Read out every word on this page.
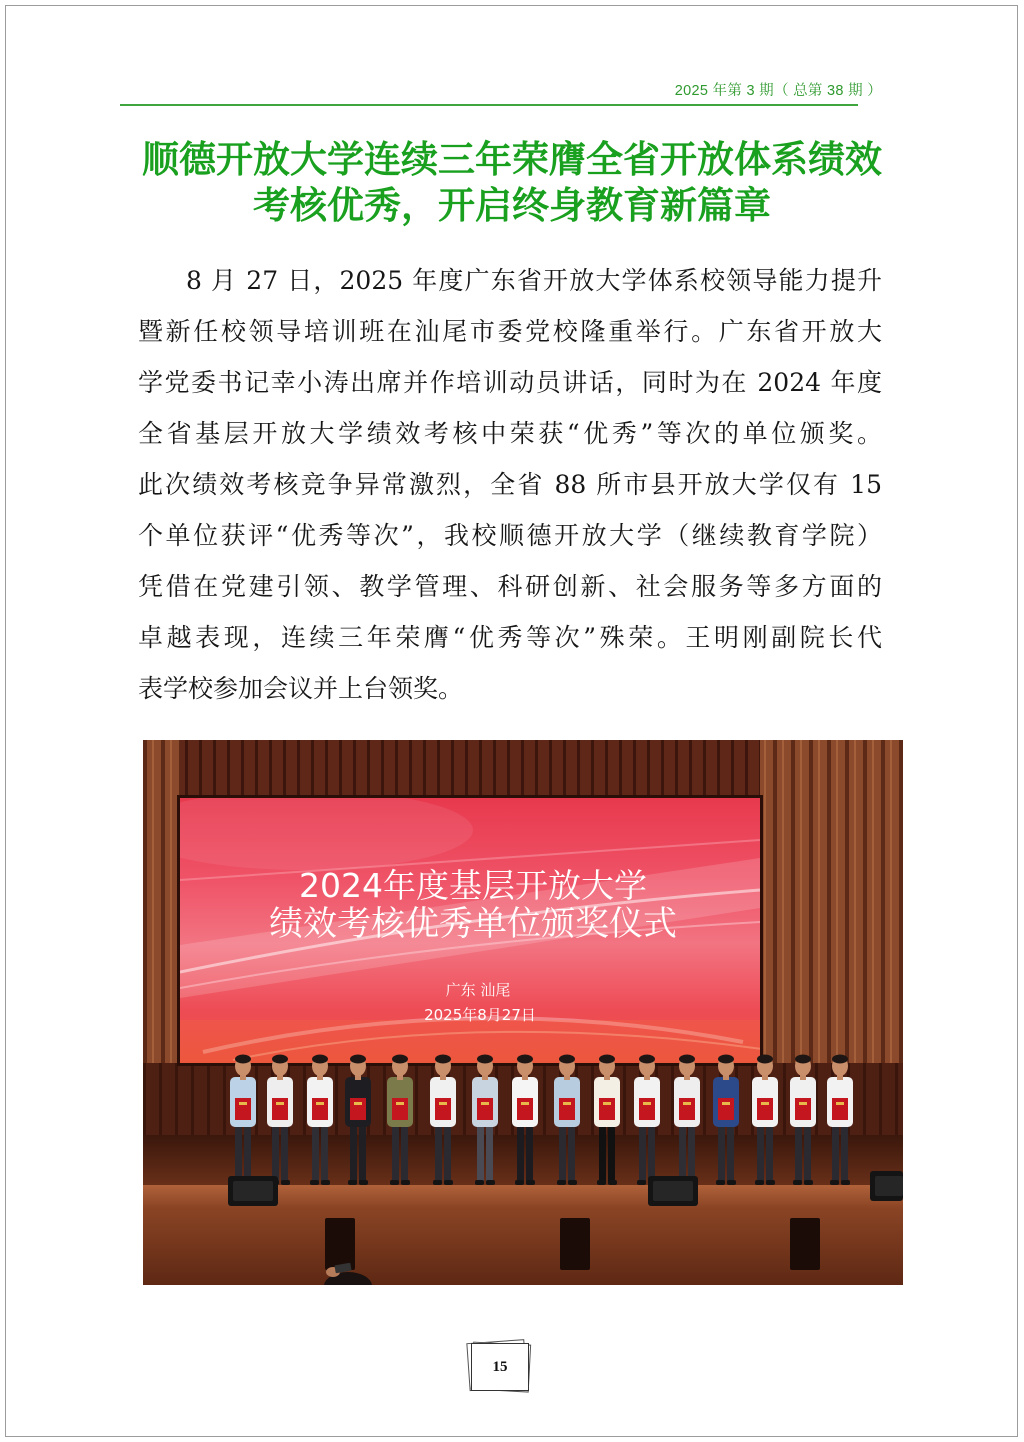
2025 年第 3 期（ 总第 38 期 ）
顺德开放大学连续三年荣膺全省开放体系绩效
考核优秀，开启终身教育新篇章
8 月 27 日，2025 年度广东省开放大学体系校领导能力提升
暨新任校领导培训班在汕尾市委党校隆重举行。广东省开放大
学党委书记幸小涛出席并作培训动员讲话，同时为在 2024 年度
全省基层开放大学绩效考核中荣获“优秀”等次的单位颁奖。
此次绩效考核竞争异常激烈，全省 88 所市县开放大学仅有 15
个单位获评“优秀等次”，我校顺德开放大学（继续教育学院）
凭借在党建引领、教学管理、科研创新、社会服务等多方面的
卓越表现，连续三年荣膺“优秀等次”殊荣。王明刚副院长代
表学校参加会议并上台领奖。
2024年度基层开放大学
绩效考核优秀单位颁奖仪式
广东 汕尾
2025年8月27日
15
